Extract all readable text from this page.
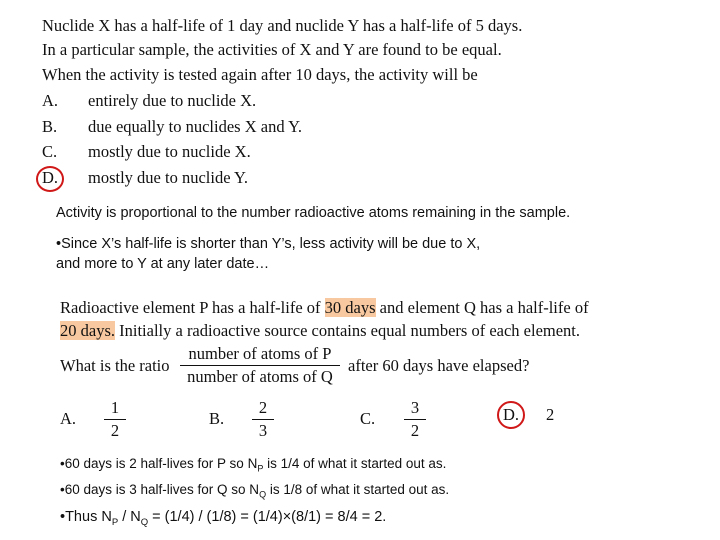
Nuclide X has a half-life of 1 day and nuclide Y has a half-life of 5 days.
In a particular sample, the activities of X and Y are found to be equal.
When the activity is tested again after 10 days, the activity will be
A. entirely due to nuclide X.
B. due equally to nuclides X and Y.
C. mostly due to nuclide X.
D. mostly due to nuclide Y.
Activity is proportional to the number radioactive atoms remaining in the sample.
•Since X’s half-life is shorter than Y’s, less activity will be due to X,
and more to Y at any later date…
Radioactive element P has a half-life of 30 days and element Q has a half-life of
20 days. Initially a radioactive source contains equal numbers of each element.
What is the ratio
number of atoms of P
number of atoms of Q
after 60 days have elapsed?
A.
1
2
B.
2
3
C.
3
2
D. 2
•60 days is 2 half-lives for P so $N_P$ is 1/4 of what it started out as.
•60 days is 3 half-lives for Q so $N_Q$ is 1/8 of what it started out as.
•Thus $N_P / N_Q = (1/4) / (1/8) = (1/4)\times(8/1) = 8/4 = 2$.
